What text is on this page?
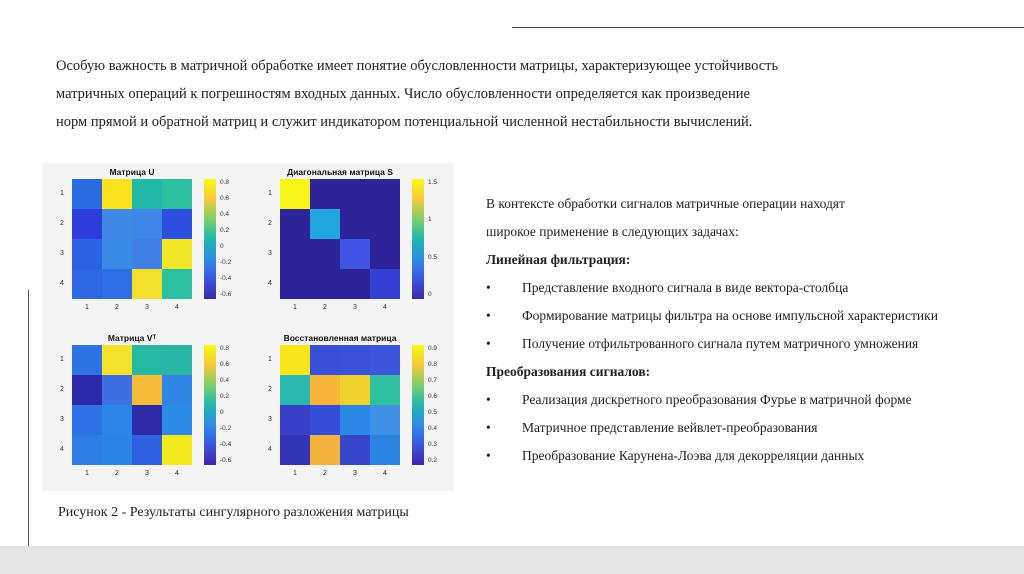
Особую важность в матричной обработке имеет понятие обусловленности матрицы, характеризующее устойчивость

матричных операций к погрешностям входных данных. Число обусловленности определяется как произведение

норм прямой и обратной матриц и служит индикатором потенциальной численной нестабильности вычислений.

Матрица U
1
2
3
4
1	2	3	4
0.8
0.6
0.4
0.2
0
-0.2
-0.4
-0.6
Диагональная матрица S
1
2
3
4
1	2	3	4
1.5
1
0.5
0
Матрица Vᵀ
1
2
3
4
1	2	3	4
0.8
0.6
0.4
0.2
0
-0.2
-0.4
-0.6
Восстановленная матрица
1
2
3
4
1	2	3	4
0.9
0.8
0.7
0.6
0.5
0.4
0.3
0.2
Рисунок 2 - Результаты сингулярного разложения матрицы
В контексте обработки сигналов матричные операции находят
широкое применение в следующих задачах:
Линейная фильтрация:
• Представление входного сигнала в виде вектора-столбца
• Формирование матрицы фильтра на основе импульсной характеристики
• Получение отфильтрованного сигнала путем матричного умножения
Преобразования сигналов:
• Реализация дискретного преобразования Фурье в матричной форме
• Матричное представление вейвлет-преобразования
• Преобразование Карунена-Лоэва для декорреляции данных
